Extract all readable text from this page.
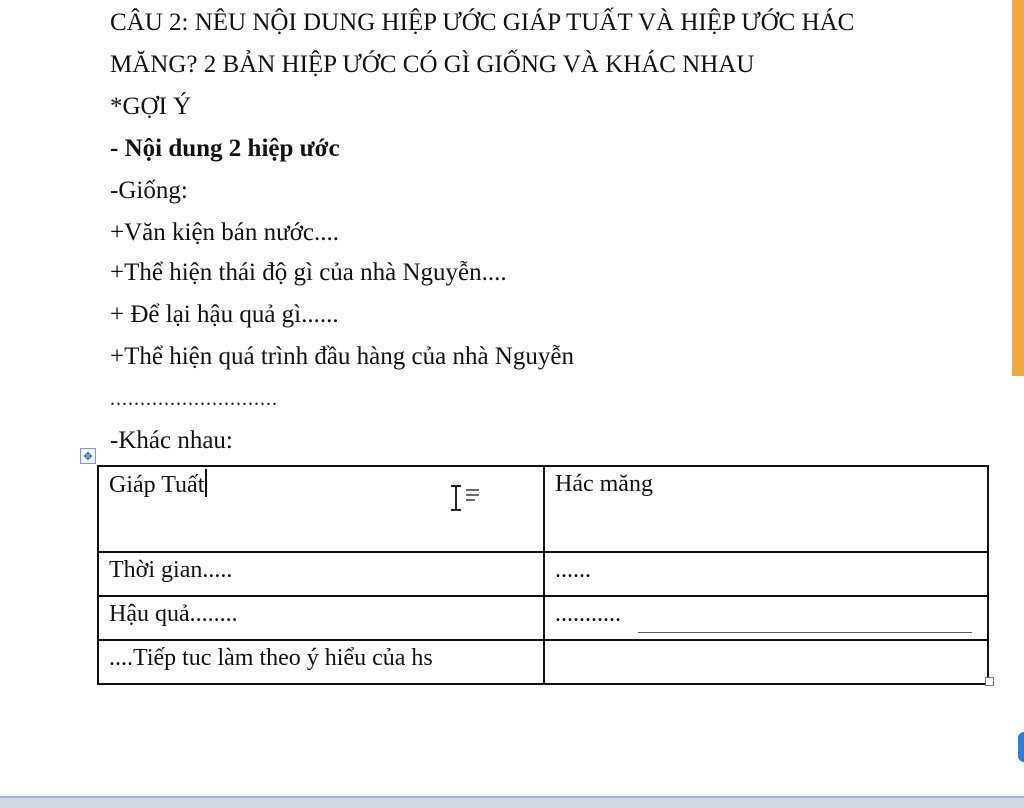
CÂU 2: NÊU NỘI DUNG HIỆP ƯỚC GIÁP TUẤT VÀ HIỆP ƯỚC HÁC
MĂNG? 2 BẢN HIỆP ƯỚC CÓ GÌ GIỐNG VÀ KHÁC NHAU
*GỢI Ý
- Nội dung 2 hiệp ước
-Giống:
+Văn kiện bán nước....
+Thể hiện thái độ gì của nhà Nguyễn....
+ Để lại hậu quả gì......
+Thể hiện quá trình đầu hàng của nhà Nguyễn
............................
-Khác nhau:
✥
Giáp Tuất	Hác măng
Thời gian.....	......
Hậu quả........	...........
....Tiếp tuc làm theo ý hiểu của hs	
